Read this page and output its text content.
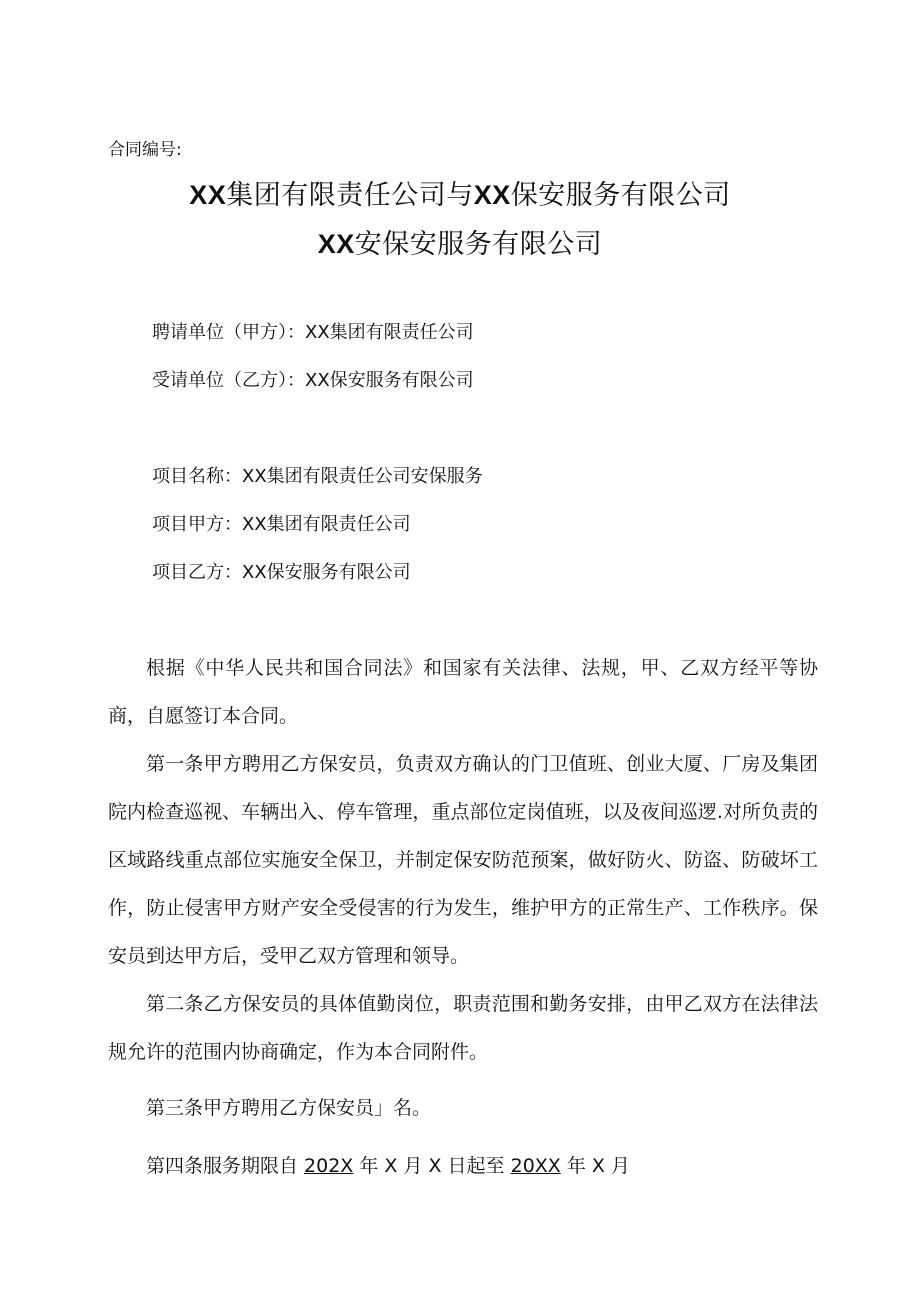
合同编号:
XX集团有限责任公司与XX保安服务有限公司
XX安保安服务有限公司
聘请单位（甲方）：XX集团有限责任公司
受请单位（乙方）：XX保安服务有限公司
项目名称：XX集团有限责任公司安保服务
项目甲方：XX集团有限责任公司
项目乙方：XX保安服务有限公司
根据《中华人民共和国合同法》和国家有关法律、法规，甲、乙双方经平等协商，自愿签订本合同。
第一条甲方聘用乙方保安员，负责双方确认的门卫值班、创业大厦、厂房及集团院内检查巡视、车辆出入、停车管理，重点部位定岗值班，以及夜间巡逻.对所负责的区域路线重点部位实施安全保卫，并制定保安防范预案，做好防火、防盗、防破坏工作，防止侵害甲方财产安全受侵害的行为发生，维护甲方的正常生产、工作秩序。保安员到达甲方后，受甲乙双方管理和领导。
第二条乙方保安员的具体值勤岗位，职责范围和勤务安排，由甲乙双方在法律法规允许的范围内协商确定，作为本合同附件。
第三条甲方聘用乙方保安员」名。
第四条服务期限自 202X 年 X 月 X 日起至 20XX 年 X 月
